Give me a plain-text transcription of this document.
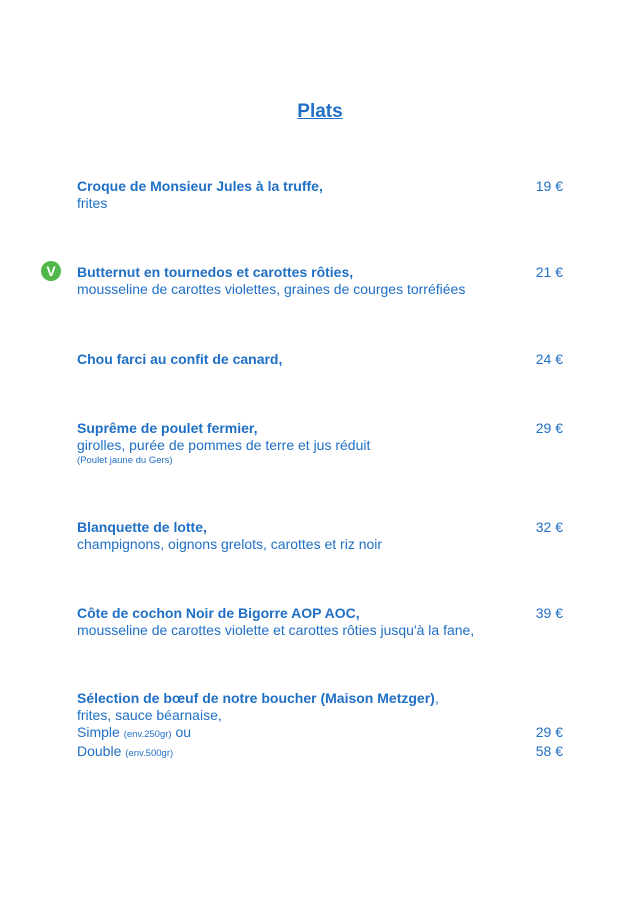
Plats
Croque de Monsieur Jules à la truffe,	19 €
frites
V	Butternut en tournedos et carottes rôties,	21 €
mousseline de carottes violettes, graines de courges torréfiées
Chou farci au confit de canard,	24 €
Suprême de poulet fermier,	29 €
girolles, purée de pommes de terre et jus réduit
(Poulet jaune du Gers)
Blanquette de lotte,	32 €
champignons, oignons grelots, carottes et riz noir
Côte de cochon Noir de Bigorre AOP AOC,	39 €
mousseline de carottes violette et carottes rôties jusqu'à la fane,
Sélection de bœuf de notre boucher (Maison Metzger),
frites, sauce béarnaise,
Simple (env.250gr) ou	29 €
Double (env.500gr)	58 €
